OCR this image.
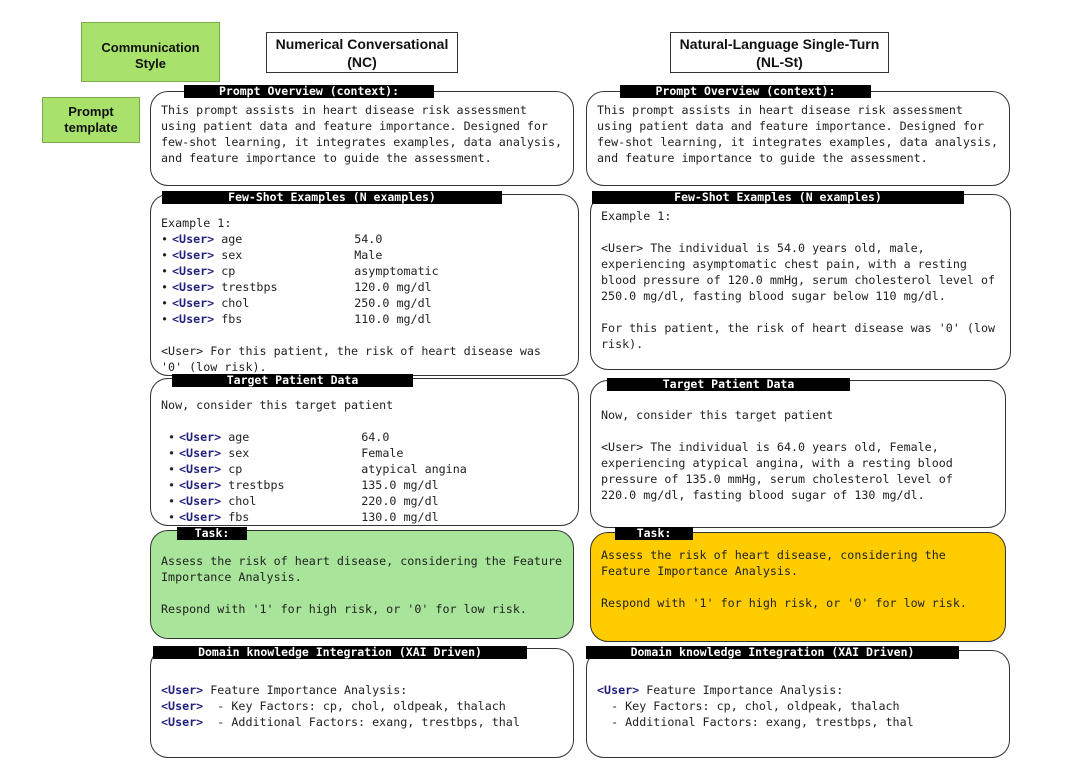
Communication Style
Prompt template
Numerical Conversational
(NC)
Natural-Language Single-Turn
(NL-St)
Prompt Overview (context):
This prompt assists in heart disease risk assessment using patient data and feature importance. Designed for few-shot learning, it integrates examples, data analysis, and feature importance to guide the assessment.
Few-Shot Examples (N examples)
Example 1:
• <User> age	54.0
• <User> sex	Male
• <User> cp	asymptomatic
• <User> trestbps	120.0 mg/dl
• <User> chol	250.0 mg/dl
• <User> fbs	110.0 mg/dl
<User> For this patient, the risk of heart disease was '0' (low risk).
Target Patient Data
Now, consider this target patient
• <User> age	64.0
• <User> sex	Female
• <User> cp	atypical angina
• <User> trestbps	135.0 mg/dl
• <User> chol	220.0 mg/dl
• <User> fbs	130.0 mg/dl
Task:
Assess the risk of heart disease, considering the Feature Importance Analysis.
Respond with '1' for high risk, or '0' for low risk.
Domain knowledge Integration (XAI Driven)
<User> Feature Importance Analysis:
<User>  - Key Factors: cp, chol, oldpeak, thalach
<User>  - Additional Factors: exang, trestbps, thal
Prompt Overview (context):
This prompt assists in heart disease risk assessment using patient data and feature importance. Designed for few-shot learning, it integrates examples, data analysis, and feature importance to guide the assessment.
Few-Shot Examples (N examples)
Example 1:
<User> The individual is 54.0 years old, male, experiencing asymptomatic chest pain, with a resting blood pressure of 120.0 mmHg, serum cholesterol level of 250.0 mg/dl, fasting blood sugar below 110 mg/dl.
For this patient, the risk of heart disease was '0' (low risk).
Target Patient Data
Now, consider this target patient
<User> The individual is 64.0 years old, Female, experiencing atypical angina, with a resting blood pressure of 135.0 mmHg, serum cholesterol level of 220.0 mg/dl, fasting blood sugar of 130 mg/dl.
Task:
Assess the risk of heart disease, considering the Feature Importance Analysis.
Respond with '1' for high risk, or '0' for low risk.
Domain knowledge Integration (XAI Driven)
<User> Feature Importance Analysis:
- Key Factors: cp, chol, oldpeak, thalach
- Additional Factors: exang, trestbps, thal
